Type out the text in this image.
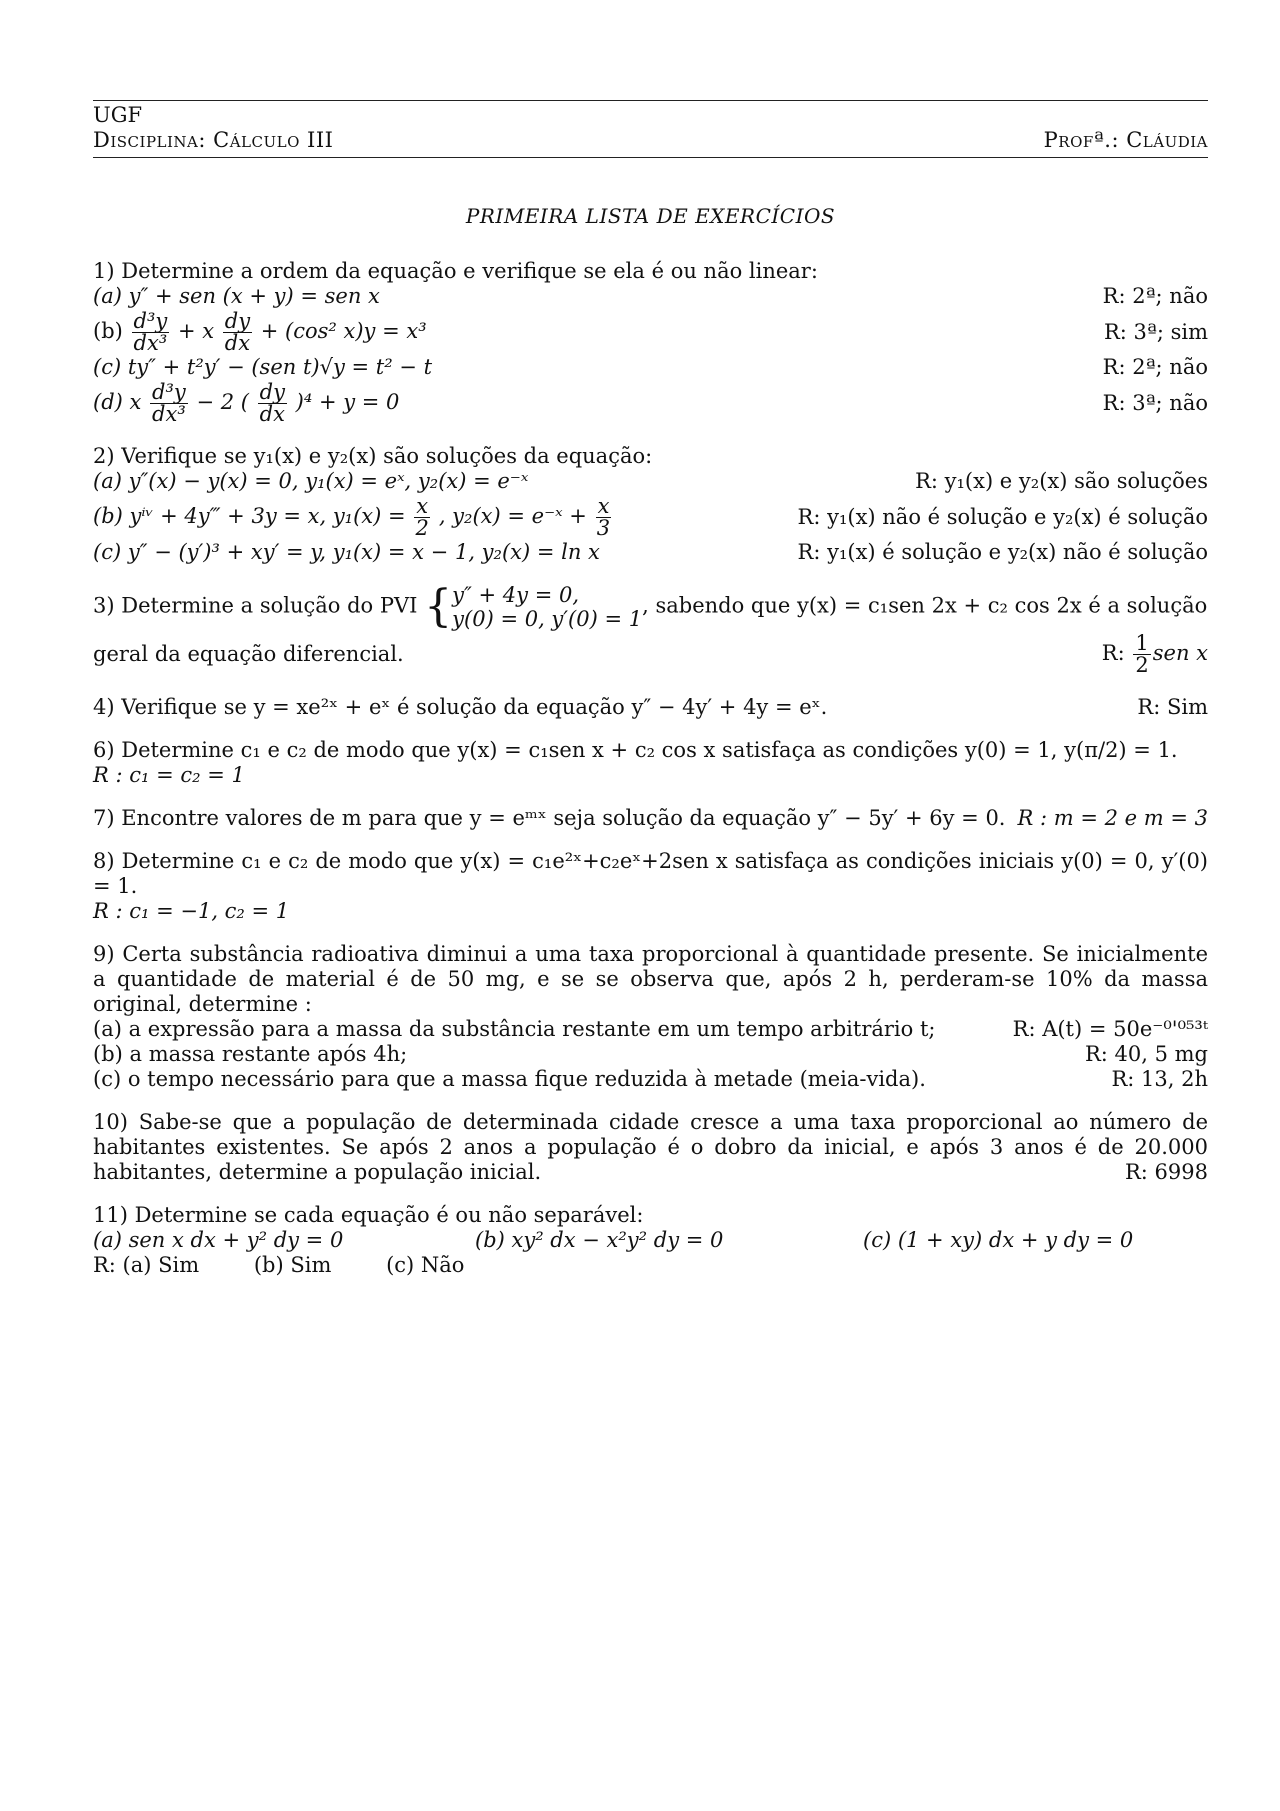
UGF
Disciplina: Cálculo III	Profª.: Cláudia
PRIMEIRA LISTA DE EXERCÍCIOS
1) Determine a ordem da equação e verifique se ela é ou não linear:
(a) y″ + sen (x + y) = sen x	R: 2ª; não
$(b) \frac{\text{d³y}}{\text{dx³}} + x \frac{dy}{dx} + (\cos^2$ x)y = x³	R: 3ª; sim
(c) ty″ + t²y′ − (sen t)√y = t² − t	R: 2ª; não
(d) x $\frac{\text{d³y}}{\text{dx³}} - 2$ ( $\frac{dy}{dx} )^4 + y = 0$	R: 3ª; não
2) Verifique se y₁(x) e y₂(x) são soluções da equação:
(a) y″(x) − y(x) = 0, y₁(x) = eˣ, y₂(x) = e⁻ˣ	R: y₁(x) e y₂(x) são soluções
(b) yⁱᵛ + 4y‴ + 3y = x, $y_1(x) = \frac{x}{2}$ , y₂(x) = e⁻ˣ + $\frac{x}{3}$	R: y₁(x) não é solução e y₂(x) é solução
(c) y″ − (y′)³ + xy′ = y, y₁(x) = x − 1, y₂(x) = ln x	R: y₁(x) é solução e y₂(x) não é solução
3) Determine a solução do PVI { y″ + 4y = 0,
y(0) = 0, y′(0) = 1
, sabendo que y(x) = c₁sen 2x + c₂ cos 2x é a solução
geral da equação diferencial.	R: $\frac{1}{2}$ sen x
4) Verifique se y = xe²ˣ + eˣ é solução da equação y″ − 4y′ + 4y = eˣ.	R: Sim
6) Determine c₁ e c₂ de modo que y(x) = c₁sen x + c₂ cos x satisfaça as condições y(0) = 1, y(π/2) = 1.
R : c₁ = c₂ = 1
7) Encontre valores de m para que y = eᵐˣ seja solução da equação y″ − 5y′ + 6y = 0. R : m = 2 e m = 3
8) Determine c₁ e c₂ de modo que y(x) = c₁e²ˣ+c₂eˣ+2sen x satisfaça as condições iniciais y(0) = 0, y′(0) = 1.
R : c₁ = −1, c₂ = 1
9) Certa substância radioativa diminui a uma taxa proporcional à quantidade presente. Se inicialmente a quantidade de material é de 50 mg, e se se observa que, após 2 h, perderam-se 10% da massa original, determine :
(a) a expressão para a massa da substância restante em um tempo arbitrário t;	R: A(t) = 50e⁻⁰'⁰⁵³ᵗ
(b) a massa restante após 4h;	R: 40, 5 mg
(c) o tempo necessário para que a massa fique reduzida à metade (meia-vida).	R: 13, 2h
10) Sabe-se que a população de determinada cidade cresce a uma taxa proporcional ao número de habitantes existentes. Se após 2 anos a população é o dobro da inicial, e após 3 anos é de 20.000 habitantes, determine a população inicial.	R: 6998
11) Determine se cada equação é ou não separável:
(a) sen x dx + y² dy = 0	(b) xy² dx − x²y² dy = 0	(c) (1 + xy) dx + y dy = 0
R: (a) Sim	(b) Sim	(c) Não
